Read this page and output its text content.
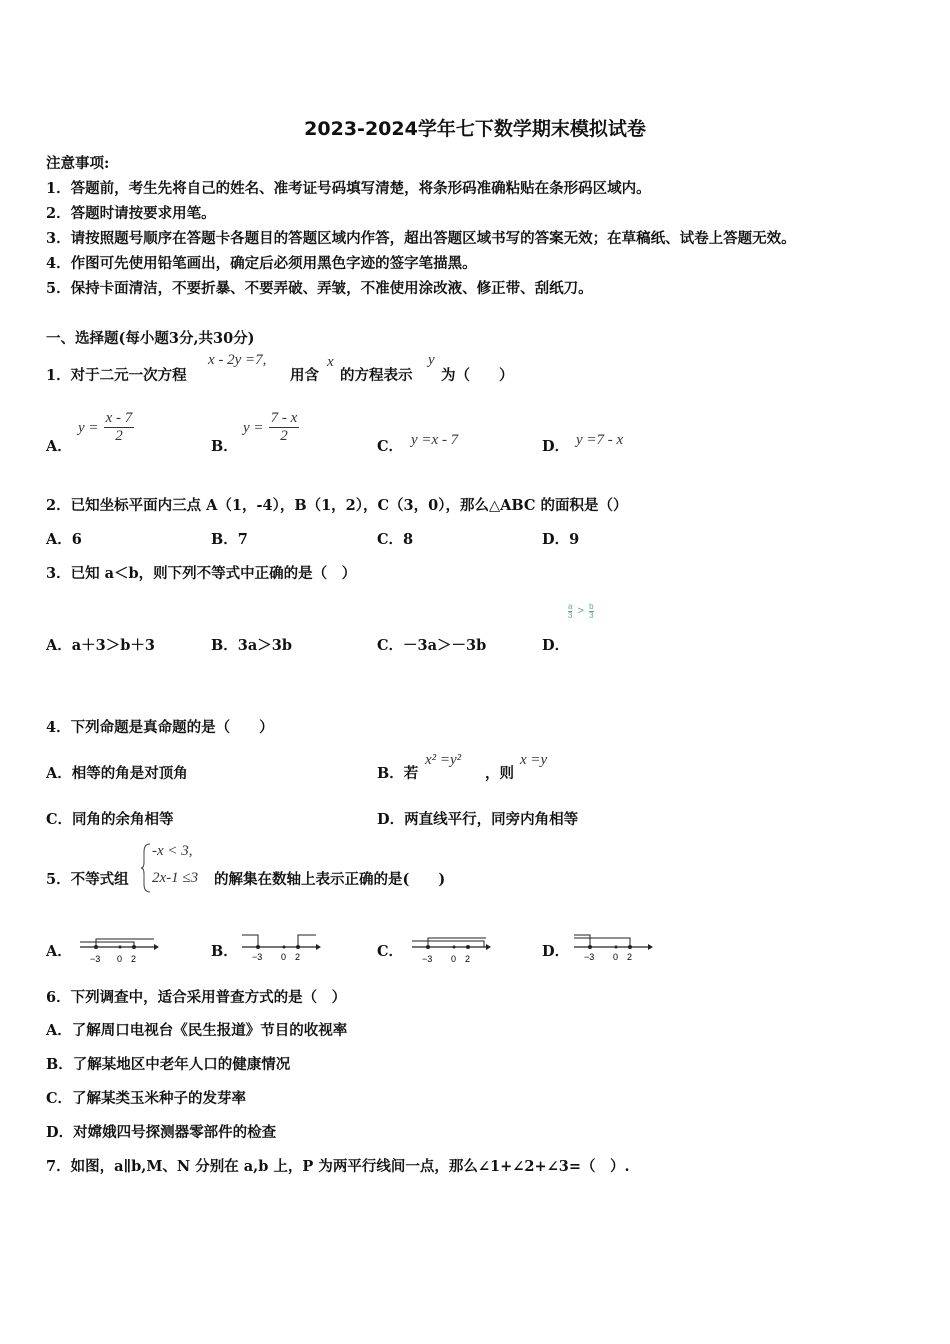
2023-2024学年七下数学期末模拟试卷
注意事项:
1．答题前，考生先将自己的姓名、准考证号码填写清楚，将条形码准确粘贴在条形码区域内。
2．答题时请按要求用笔。
3．请按照题号顺序在答题卡各题目的答题区域内作答，超出答题区域书写的答案无效；在草稿纸、试卷上答题无效。
4．作图可先使用铅笔画出，确定后必须用黑色字迹的签字笔描黑。
5．保持卡面清洁，不要折暴、不要弄破、弄皱，不准使用涂改液、修正带、刮纸刀。
一、选择题(每小题3分,共30分)
1．对于二元一次方程
x - 2y =7,
用含
x
的方程表示
y
为（　　）
A．
$y = \frac{x - 7}{2}$
B．
$y = \frac{7 - x}{2}$
C． y =x - 7	D． y =7 - x
2．已知坐标平面内三点 A（1，-4），B（1，2），C（3，0），那么△ABC 的面积是（）
A．6	B．7	C．8	D．9
3．已知 a＜b，则下列不等式中正确的是（　）
A．a＋3＞b＋3	B．3a＞3b	C．－3a＞－3b	D．
$\frac{a}{3} > \frac{b}{3}$
4．下列命题是真命题的是（　　）
A．相等的角是对顶角	B．若
x² =y²
，则
x =y
C．同角的余角相等	D．两直线平行，同旁内角相等
5．不等式组
-x < 3,
2x-1 ≤3 的解集在数轴上表示正确的是(　　)
A． −3 0 2	B． −3 0 2	C． −3 0 2	D． −3 0 2
6．下列调查中，适合采用普查方式的是（　）
A．了解周口电视台《民生报道》节目的收视率
B．了解某地区中老年人口的健康情况
C．了解某类玉米种子的发芽率
D．对嫦娥四号探测器零部件的检查
7．如图，a∥b,M、N 分别在 a,b 上，P 为两平行线间一点，那么∠1+∠2+∠3=（　）.
